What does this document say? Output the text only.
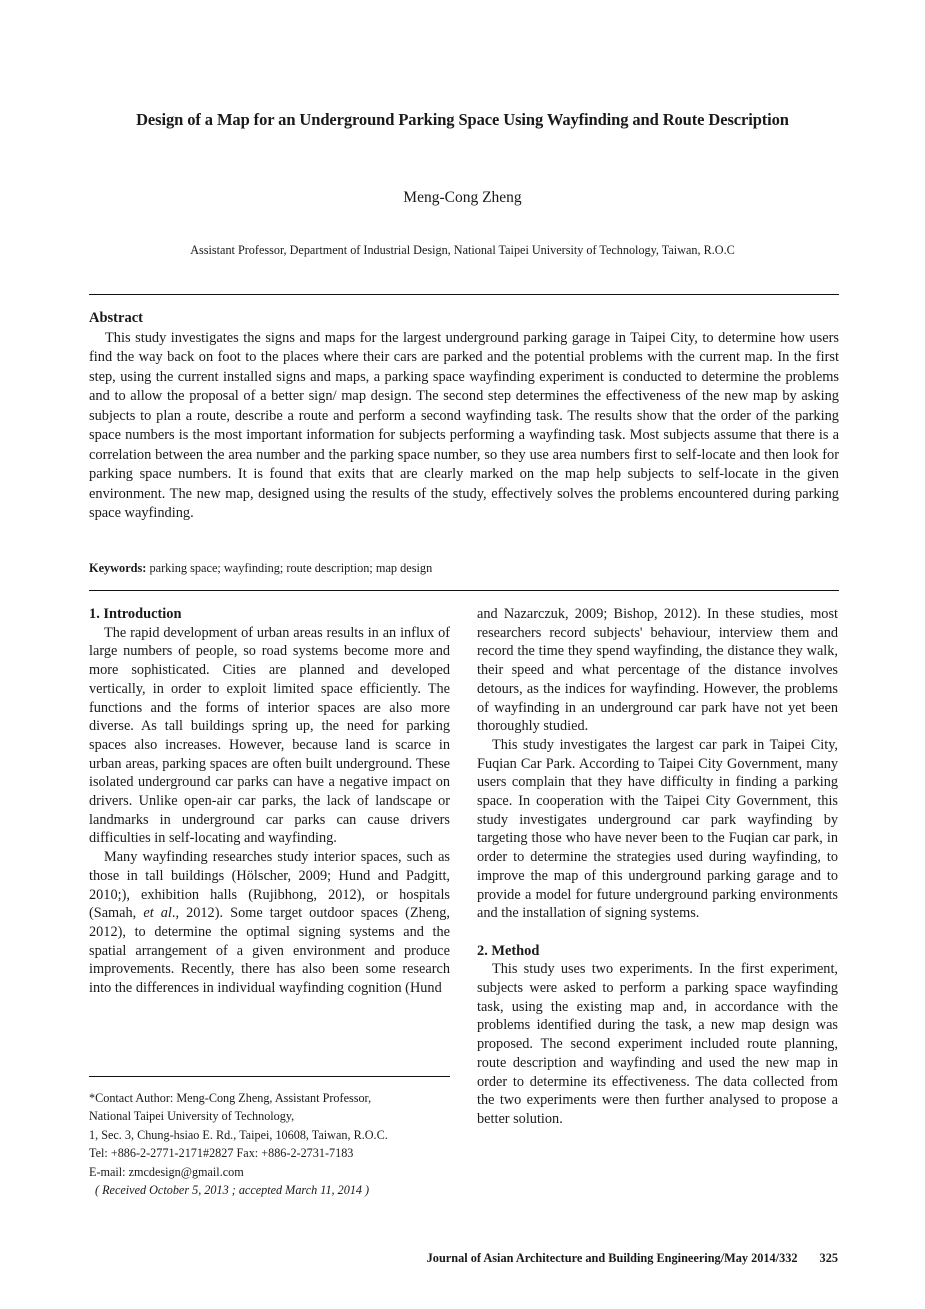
Design of a Map for an Underground Parking Space Using Wayfinding and Route Description
Meng-Cong Zheng
Assistant Professor, Department of Industrial Design, National Taipei University of Technology, Taiwan, R.O.C
Abstract

This study investigates the signs and maps for the largest underground parking garage in Taipei City, to determine how users find the way back on foot to the places where their cars are parked and the potential problems with the current map. In the first step, using the current installed signs and maps, a parking space wayfinding experiment is conducted to determine the problems and to allow the proposal of a better sign/ map design. The second step determines the effectiveness of the new map by asking subjects to plan a route, describe a route and perform a second wayfinding task. The results show that the order of the parking space numbers is the most important information for subjects performing a wayfinding task. Most subjects assume that there is a correlation between the area number and the parking space number, so they use area numbers first to self-locate and then look for parking space numbers. It is found that exits that are clearly marked on the map help subjects to self-locate in the given environment. The new map, designed using the results of the study, effectively solves the problems encountered during parking space wayfinding.

Keywords: parking space; wayfinding; route description; map design
1. Introduction

The rapid development of urban areas results in an influx of large numbers of people, so road systems become more and more sophisticated. Cities are planned and developed vertically, in order to exploit limited space efficiently. The functions and the forms of interior spaces are also more diverse. As tall buildings spring up, the need for parking spaces also increases. However, because land is scarce in urban areas, parking spaces are often built underground. These isolated underground car parks can have a negative impact on drivers. Unlike open-air car parks, the lack of landscape or landmarks in underground car parks can cause drivers difficulties in self-locating and wayfinding.

Many wayfinding researches study interior spaces, such as those in tall buildings (Hölscher, 2009; Hund and Padgitt, 2010;), exhibition halls (Rujibhong, 2012), or hospitals (Samah, et al., 2012). Some target outdoor spaces (Zheng, 2012), to determine the optimal signing systems and the spatial arrangement of a given environment and produce improvements. Recently, there has also been some research into the differences in individual wayfinding cognition (Hund

*Contact Author: Meng-Cong Zheng, Assistant Professor,
National Taipei University of Technology,
1, Sec. 3, Chung-hsiao E. Rd., Taipei, 10608, Taiwan, R.O.C.
Tel: +886-2-2771-2171#2827 Fax: +886-2-2731-7183
E-mail: zmcdesign@gmail.com
( Received October 5, 2013 ; accepted March 11, 2014 )

and Nazarczuk, 2009; Bishop, 2012). In these studies, most researchers record subjects' behaviour, interview them and record the time they spend wayfinding, the distance they walk, their speed and what percentage of the distance involves detours, as the indices for wayfinding. However, the problems of wayfinding in an underground car park have not yet been thoroughly studied.

This study investigates the largest car park in Taipei City, Fuqian Car Park. According to Taipei City Government, many users complain that they have difficulty in finding a parking space. In cooperation with the Taipei City Government, this study investigates underground car park wayfinding by targeting those who have never been to the Fuqian car park, in order to determine the strategies used during wayfinding, to improve the map of this underground parking garage and to provide a model for future underground parking environments and the installation of signing systems.

2. Method

This study uses two experiments. In the first experiment, subjects were asked to perform a parking space wayfinding task, using the existing map and, in accordance with the problems identified during the task, a new map design was proposed. The second experiment included route planning, route description and wayfinding and used the new map in order to determine its effectiveness. The data collected from the two experiments were then further analysed to propose a better solution.

Journal of Asian Architecture and Building Engineering/May 2014/332 325
